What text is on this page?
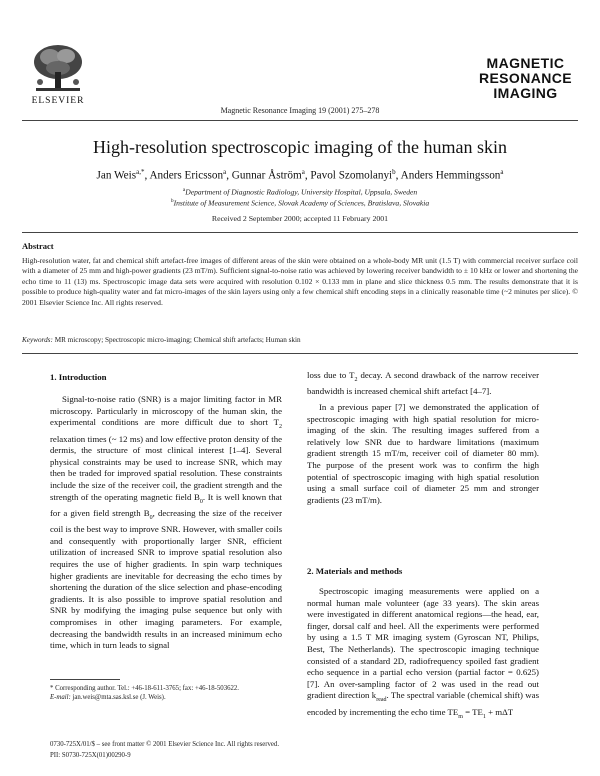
ELSEVIER
Magnetic Resonance Imaging 19 (2001) 275–278
MAGNETIC
RESONANCE
IMAGING
High-resolution spectroscopic imaging of the human skin
Jan Weis$^{a,*}$, Anders Ericsson$^a$, Gunnar Åström$^a$, Pavol Szomolanyi$^b$, Anders Hemmingsson$^a$
$^a$Department of Diagnostic Radiology, University Hospital, Uppsala, Sweden
$^b$Institute of Measurement Science, Slovak Academy of Sciences, Bratislava, Slovakia
Received 2 September 2000; accepted 11 February 2001
Abstract
High-resolution water, fat and chemical shift artefact-free images of different areas of the skin were obtained on a whole-body MR unit (1.5 T) with commercial receiver surface coil with a diameter of 25 mm and high-power gradients (23 mT/m). Sufficient signal-to-noise ratio was achieved by lowering receiver bandwidth to ± 10 kHz or lower and shortening the echo time to 11 (13) ms. Spectroscopic image data sets were acquired with resolution 0.102 × 0.133 mm in plane and slice thickness 0.5 mm. The results demonstrate that it is possible to produce high-quality water and fat micro-images of the skin layers using only a few chemical shift encoding steps in a clinically reasonable time (~2 minutes per slice). © 2001 Elsevier Science Inc. All rights reserved.
Keywords: MR microscopy; Spectroscopic micro-imaging; Chemical shift artefacts; Human skin
1. Introduction

Signal-to-noise ratio (SNR) is a major limiting factor in MR microscopy. Particularly in microscopy of the human skin, the experimental conditions are more difficult due to short $T_2$ relaxation times (~ 12 ms) and low effective proton density of the dermis, the structure of most clinical interest [1–4]. Several physical constraints may be used to increase SNR, which may then be traded for improved spatial resolution. These constraints include the size of the receiver coil, the gradient strength and the strength of the operating magnetic field $B_0$. It is well known that for a given field strength $B_0$, decreasing the size of the receiver coil is the best way to improve SNR. However, with smaller coils and consequently with proportionally larger SNR, efficient utilization of increased SNR to improve spatial resolution also requires the use of higher gradients. In spin warp techniques higher gradients are inevitable for decreasing the echo times by shortening the duration of the slice selection and phase-encoding gradients. It is also possible to improve spatial resolution and SNR by modifying the imaging pulse sequence but only with compromises in other imaging parameters. For example, decreasing the bandwidth results in an increased minimum echo time, which in turn leads to signal

* Corresponding author. Tel.: +46-18-611-3765; fax: +46-18-503622.
E-mail: jan.weis@mta.sas.ksl.se (J. Weis).

loss due to $T_2$ decay. A second drawback of the narrow receiver bandwidth is increased chemical shift artefact [4–7].

In a previous paper [7] we demonstrated the application of spectroscopic imaging with high spatial resolution for micro-imaging of the skin. The resulting images suffered from a relatively low SNR due to hardware limitations (maximum gradient strength 15 mT/m, receiver coil of diameter 80 mm). The purpose of the present work was to confirm the high potential of spectroscopic imaging with high spatial resolution using a small surface coil of diameter 25 mm and stronger gradients (23 mT/m).

2. Materials and methods

Spectroscopic imaging measurements were applied on a normal human male volunteer (age 33 years). The skin areas were investigated in different anatomical regions—the head, ear, finger, dorsal calf and heel. All the experiments were performed by using a 1.5 T MR imaging system (Gyroscan NT, Philips, Best, The Netherlands). The spectroscopic imaging technique consisted of a standard 2D, radiofrequency spoiled fast gradient echo sequence in a partial echo version (partial factor = 0.625) [7]. An over-sampling factor of 2 was used in the read out gradient direction $k_{read}$. The spectral variable (chemical shift) was encoded by incrementing the echo time $TE_m = TE_1 + m\Delta T$

0730-725X/01/$ – see front matter © 2001 Elsevier Science Inc. All rights reserved.
PII: S0730-725X(01)00290-9
